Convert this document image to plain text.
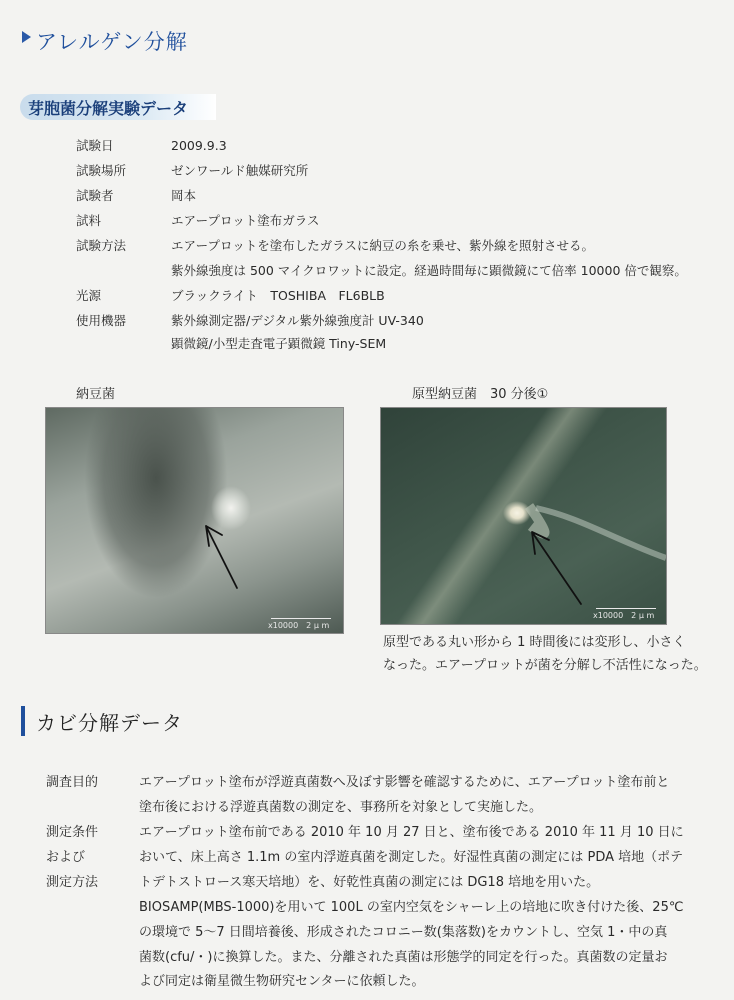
アレルゲン分解
芽胞菌分解実験データ
試験日	2009.9.3
試験場所	ゼンワールド触媒研究所
試験者	岡本
試料	エアープロット塗布ガラス
試験方法	エアープロットを塗布したガラスに納豆の糸を乗せ、紫外線を照射させる。
紫外線強度は 500 マイクロワットに設定。経過時間毎に顕微鏡にて倍率 10000 倍で観察。
光源	ブラックライト　TOSHIBA　FL6BLB
使用機器	紫外線測定器/デジタル紫外線強度計 UV-340
顕微鏡/小型走査電子顕微鏡 Tiny-SEM
納豆菌	原型納豆菌　30 分後①
x10000　2 μ m
x10000　2 μ m
原型である丸い形から 1 時間後には変形し、小さく
なった。エアープロットが菌を分解し不活性になった。
カビ分解データ
調査目的	エアープロット塗布が浮遊真菌数へ及ぼす影響を確認するために、エアープロット塗布前と
塗布後における浮遊真菌数の測定を、事務所を対象として実施した。
測定条件	エアープロット塗布前である 2010 年 10 月 27 日と、塗布後である 2010 年 11 月 10 日に
および	おいて、床上高さ 1.1m の室内浮遊真菌を測定した。好湿性真菌の測定には PDA 培地（ポテ
測定方法	トデトストロース寒天培地）を、好乾性真菌の測定には DG18 培地を用いた。
BIOSAMP(MBS-1000)を用いて 100L の室内空気をシャーレ上の培地に吹き付けた後、25℃
の環境で 5～7 日間培養後、形成されたコロニー数(集落数)をカウントし、空気 1・中の真
菌数(cfu/・)に換算した。また、分離された真菌は形態学的同定を行った。真菌数の定量お
よび同定は衛星微生物研究センターに依頼した。
